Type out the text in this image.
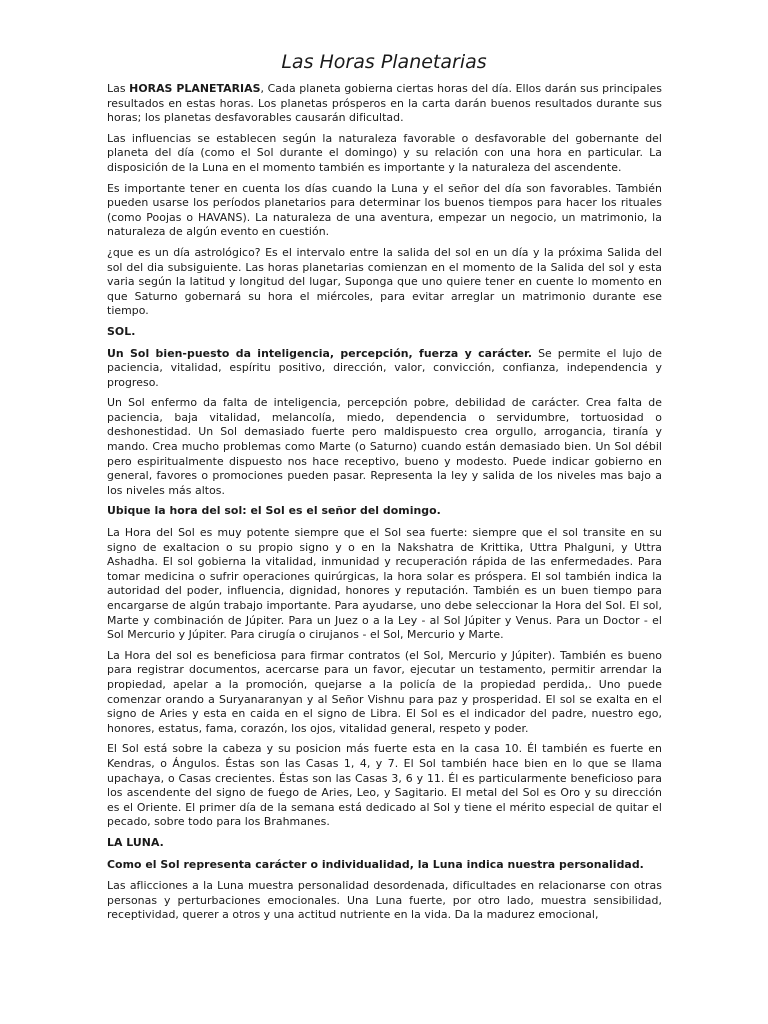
Las Horas Planetarias

Las HORAS PLANETARIAS, Cada planeta gobierna ciertas horas del día. Ellos darán sus principales resultados en estas horas. Los planetas prósperos en la carta darán buenos resultados durante sus horas; los planetas desfavorables causarán dificultad.

Las influencias se establecen según la naturaleza favorable o desfavorable del gobernante del planeta del día (como el Sol durante el domingo) y su relación con una hora en particular. La disposición de la Luna en el momento también es importante y la naturaleza del ascendente.

Es importante tener en cuenta los días cuando la Luna y el señor del día son favorables. También pueden usarse los períodos planetarios para determinar los buenos tiempos para hacer los rituales (como Poojas o HAVANS). La naturaleza de una aventura, empezar un negocio, un matrimonio, la naturaleza de algún evento en cuestión.

¿que es un día astrológico? Es el intervalo entre la salida del sol en un día y la próxima Salida del sol del dia subsiguiente. Las horas planetarias comienzan en el momento de la Salida del sol y esta varia según la latitud y longitud del lugar, Suponga que uno quiere tener en cuente lo momento en que Saturno gobernará su hora el miércoles, para evitar arreglar un matrimonio durante ese tiempo.

SOL.

Un Sol bien-puesto da inteligencia, percepción, fuerza y carácter. Se permite el lujo de paciencia, vitalidad, espíritu positivo, dirección, valor, convicción, confianza, independencia y progreso.

Un Sol enfermo da falta de inteligencia, percepción pobre, debilidad de carácter. Crea falta de paciencia, baja vitalidad, melancolía, miedo, dependencia o servidumbre, tortuosidad o deshonestidad. Un Sol demasiado fuerte pero maldispuesto crea orgullo, arrogancia, tiranía y mando. Crea mucho problemas como Marte (o Saturno) cuando están demasiado bien. Un Sol débil pero espiritualmente dispuesto nos hace receptivo, bueno y modesto. Puede indicar gobierno en general, favores o promociones pueden pasar. Representa la ley y salida de los niveles mas bajo a los niveles más altos.

Ubique la hora del sol: el Sol es el señor del domingo.

La Hora del Sol es muy potente siempre que el Sol sea fuerte: siempre que el sol transite en su signo de exaltacion o su propio signo y o en la Nakshatra de Krittika, Uttra Phalguni, y Uttra Ashadha. El sol gobierna la vitalidad, inmunidad y recuperación rápida de las enfermedades. Para tomar medicina o sufrir operaciones quirúrgicas, la hora solar es próspera. El sol también indica la autoridad del poder, influencia, dignidad, honores y reputación. También es un buen tiempo para encargarse de algún trabajo importante. Para ayudarse, uno debe seleccionar la Hora del Sol. El sol, Marte y combinación de Júpiter. Para un Juez o a la Ley - al Sol Júpiter y Venus. Para un Doctor - el Sol Mercurio y Júpiter. Para cirugía o cirujanos - el Sol, Mercurio y Marte.

La Hora del sol es beneficiosa para firmar contratos (el Sol, Mercurio y Júpiter). También es bueno para registrar documentos, acercarse para un favor, ejecutar un testamento, permitir arrendar la propiedad, apelar a la promoción, quejarse a la policía de la propiedad perdida,. Uno puede comenzar orando a Suryanaranyan y al Señor Vishnu para paz y prosperidad. El sol se exalta en el signo de Aries y esta en caida en el signo de Libra. El Sol es el indicador del padre, nuestro ego, honores, estatus, fama, corazón, los ojos, vitalidad general, respeto y poder.

El Sol está sobre la cabeza y su posicion más fuerte esta en la casa 10. Él también es fuerte en Kendras, o Ángulos. Éstas son las Casas 1, 4, y 7. El Sol también hace bien en lo que se llama upachaya, o Casas crecientes. Éstas son las Casas 3, 6 y 11. Él es particularmente beneficioso para los ascendente del signo de fuego de Aries, Leo, y Sagitario. El metal del Sol es Oro y su dirección es el Oriente. El primer día de la semana está dedicado al Sol y tiene el mérito especial de quitar el pecado, sobre todo para los Brahmanes.

LA LUNA.
Como el Sol representa carácter o individualidad, la Luna indica nuestra personalidad.

Las aflicciones a la Luna muestra personalidad desordenada, dificultades en relacionarse con otras personas y perturbaciones emocionales. Una Luna fuerte, por otro lado, muestra sensibilidad, receptividad, querer a otros y una actitud nutriente en la vida. Da la madurez emocional,
